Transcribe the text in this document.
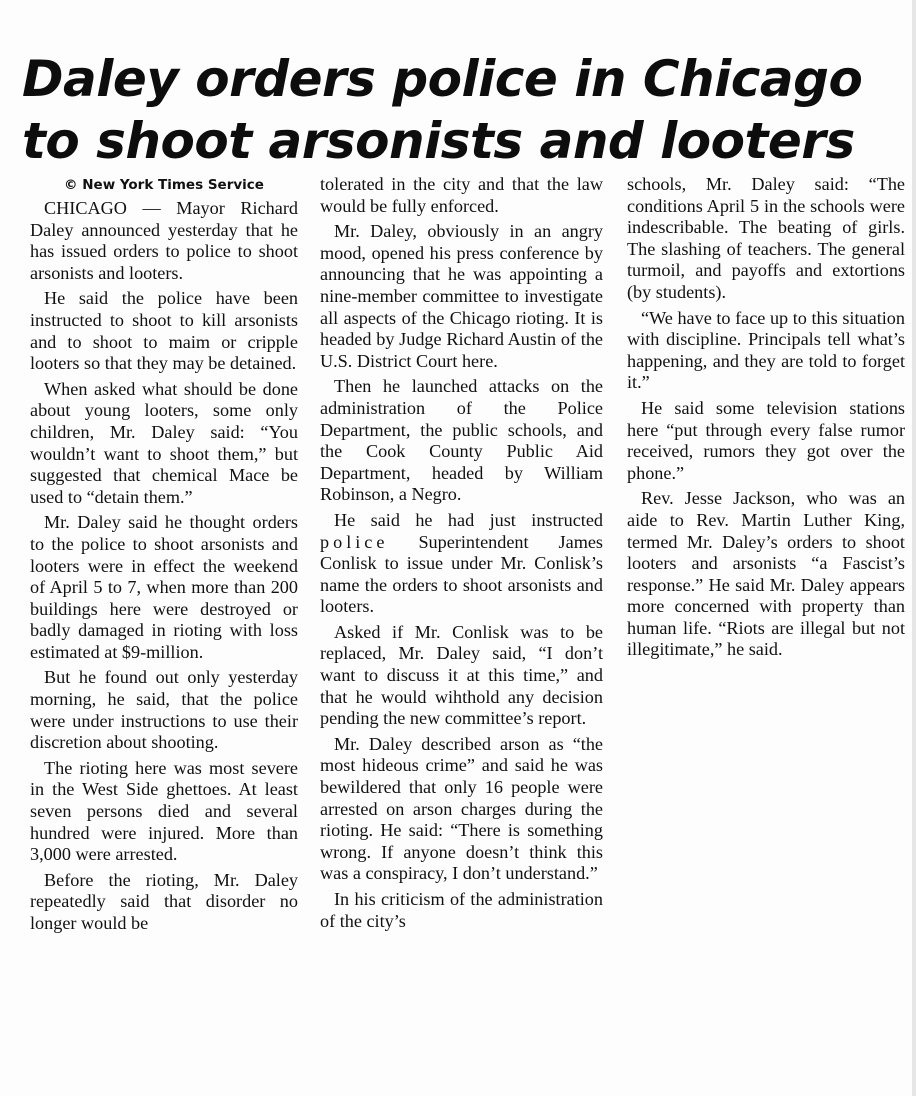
Daley orders police in Chicago
to shoot arsonists and looters
© New York Times Service

CHICAGO — Mayor Richard Daley announced yesterday that he has issued orders to police to shoot arsonists and looters.

He said the police have been instructed to shoot to kill arsonists and to shoot to maim or cripple looters so that they may be detained.

When asked what should be done about young looters, some only children, Mr. Daley said: “You wouldn’t want to shoot them,” but suggested that chemical Mace be used to “detain them.”

Mr. Daley said he thought orders to the police to shoot arsonists and looters were in effect the weekend of April 5 to 7, when more than 200 buildings here were destroyed or badly damaged in rioting with loss estimated at $9-million.

But he found out only yesterday morning, he said, that the police were under instructions to use their discretion about shooting.

The rioting here was most severe in the West Side ghettoes. At least seven persons died and several hundred were injured. More than 3,000 were arrested.

Before the rioting, Mr. Daley repeatedly said that disorder no longer would be

tolerated in the city and that the law would be fully enforced.

Mr. Daley, obviously in an angry mood, opened his press conference by announcing that he was appointing a nine-member committee to investigate all aspects of the Chicago rioting. It is headed by Judge Richard Austin of the U.S. District Court here.

Then he launched attacks on the administration of the Police Department, the public schools, and the Cook County Public Aid Department, headed by William Robinson, a Negro.

He said he had just instructed police Superintendent James Conlisk to issue under Mr. Conlisk’s name the orders to shoot arsonists and looters.

Asked if Mr. Conlisk was to be replaced, Mr. Daley said, “I don’t want to discuss it at this time,” and that he would wihthold any decision pending the new committee’s report.

Mr. Daley described arson as “the most hideous crime” and said he was bewildered that only 16 people were arrested on arson charges during the rioting. He said: “There is something wrong. If anyone doesn’t think this was a conspiracy, I don’t understand.”

In his criticism of the administration of the city’s

schools, Mr. Daley said: “The conditions April 5 in the schools were indescribable. The beating of girls. The slashing of teachers. The general turmoil, and payoffs and extortions (by students).

“We have to face up to this situation with discipline. Principals tell what’s happening, and they are told to forget it.”

He said some television stations here “put through every false rumor received, rumors they got over the phone.”

Rev. Jesse Jackson, who was an aide to Rev. Martin Luther King, termed Mr. Daley’s orders to shoot looters and arsonists “a Fascist’s response.” He said Mr. Daley appears more concerned with property than human life. “Riots are illegal but not illegitimate,” he said.
